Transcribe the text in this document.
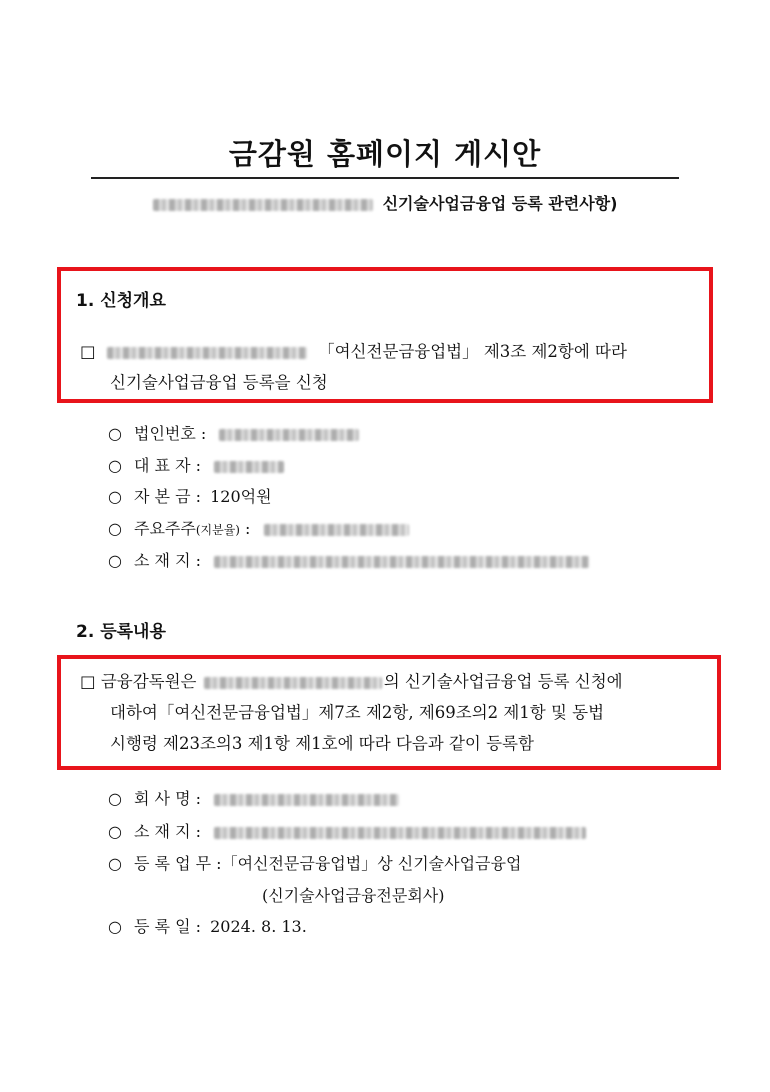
금감원 홈페이지 게시안
신기술사업금융업 등록 관련사항)
1. 신청개요
□	「여신전문금융업법」 제3조 제2항에 따라
신기술사업금융업 등록을 신청
○ 법인번호 :
○ 대 표 자 :
○ 자 본 금 : 120억원
○ 주요주주(지분율) :
○ 소 재 지 :
2. 등록내용
□ 금융감독원은	의 신기술사업금융업 등록 신청에
대하여「여신전문금융업법」제7조 제2항, 제69조의2 제1항 및 동법
시행령 제23조의3 제1항 제1호에 따라 다음과 같이 등록함
○ 회 사 명 :
○ 소 재 지 :
○ 등 록 업 무 :「여신전문금융업법」상 신기술사업금융업
(신기술사업금융전문회사)
○ 등 록 일 : 2024. 8. 13.
